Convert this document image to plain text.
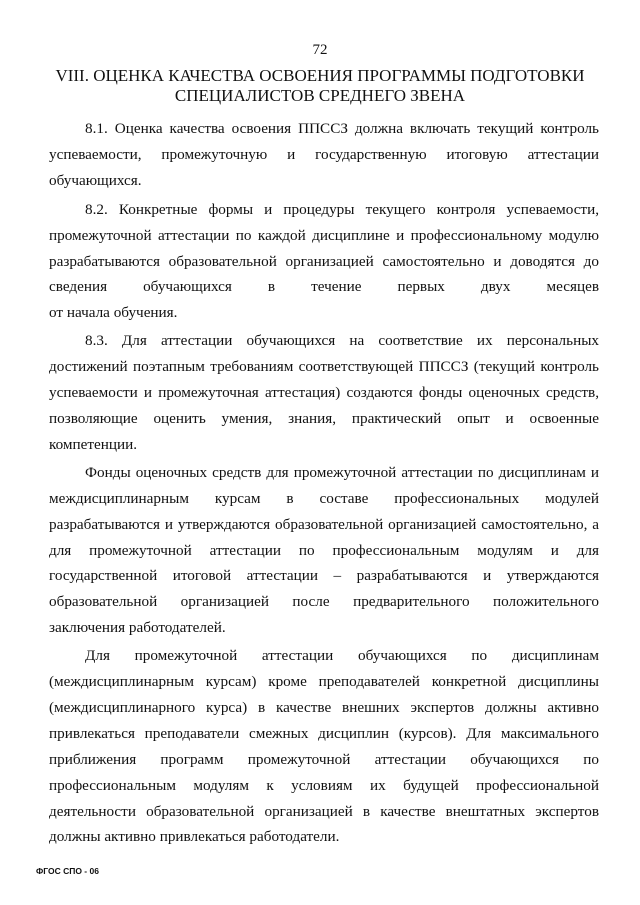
72
VIII. ОЦЕНКА КАЧЕСТВА ОСВОЕНИЯ ПРОГРАММЫ ПОДГОТОВКИ
СПЕЦИАЛИСТОВ СРЕДНЕГО ЗВЕНА

8.1. Оценка качества освоения ППССЗ должна включать текущий контроль
успеваемости, промежуточную и государственную итоговую аттестации
обучающихся.

8.2. Конкретные формы и процедуры текущего контроля успеваемости,
промежуточной аттестации по каждой дисциплине и профессиональному модулю
разрабатываются образовательной организацией самостоятельно и доводятся до
сведения обучающихся в течение первых двух месяцев
от начала обучения.

8.3. Для аттестации обучающихся на соответствие их персональных
достижений поэтапным требованиям соответствующей ППССЗ (текущий контроль
успеваемости и промежуточная аттестация) создаются фонды оценочных средств,
позволяющие оценить умения, знания, практический опыт и освоенные
компетенции.

Фонды оценочных средств для промежуточной аттестации по дисциплинам и
междисциплинарным курсам в составе профессиональных модулей
разрабатываются и утверждаются образовательной организацией самостоятельно, а
для промежуточной аттестации по профессиональным модулям и для
государственной итоговой аттестации – разрабатываются и утверждаются
образовательной организацией после предварительного положительного
заключения работодателей.

Для промежуточной аттестации обучающихся по дисциплинам
(междисциплинарным курсам) кроме преподавателей конкретной дисциплины
(междисциплинарного курса) в качестве внешних экспертов должны активно
привлекаться преподаватели смежных дисциплин (курсов). Для максимального
приближения программ промежуточной аттестации обучающихся по
профессиональным модулям к условиям их будущей профессиональной
деятельности образовательной организацией в качестве внештатных экспертов
должны активно привлекаться работодатели.

ФГОС СПО - 06
